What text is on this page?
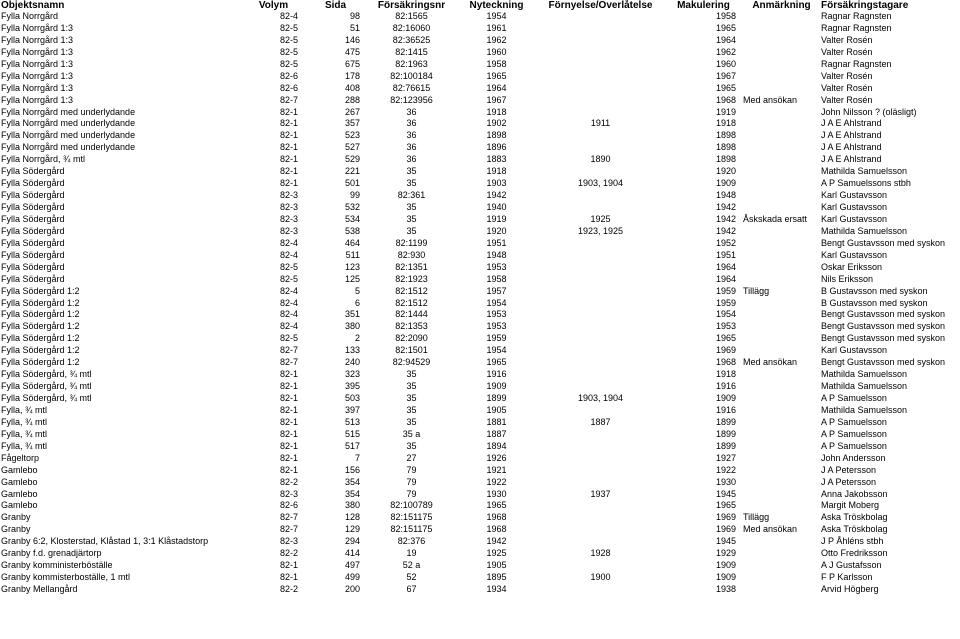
Objektsnamn	Volym	Sida	Försäkringsnr	Nyteckning	Förnyelse/Överlåtelse	Makulering	Anmärkning	Försäkringstagare
Fylla Norrgård	82-4	98	82:1565	1954		1958		Ragnar Ragnsten
Fylla Norrgård 1:3	82-5	51	82:16060	1961		1965		Ragnar Ragnsten
Fylla Norrgård 1:3	82-5	146	82:36525	1962		1964		Valter Rosén
Fylla Norrgård 1:3	82-5	475	82:1415	1960		1962		Valter Rosén
Fylla Norrgård 1:3	82-5	675	82:1963	1958		1960		Ragnar Ragnsten
Fylla Norrgård 1:3	82-6	178	82:100184	1965		1967		Valter Rosén
Fylla Norrgård 1:3	82-6	408	82:76615	1964		1965		Valter Rosén
Fylla Norrgård 1:3	82-7	288	82:123956	1967		1968	Med ansökan	Valter Rosén
Fylla Norrgård med underlydande	82-1	267	36	1918		1919		John Nilsson ? (oläsligt)
Fylla Norrgård med underlydande	82-1	357	36	1902	1911	1918		J A E Ahlstrand
Fylla Norrgård med underlydande	82-1	523	36	1898		1898		J A E Ahlstrand
Fylla Norrgård med underlydande	82-1	527	36	1896		1898		J A E Ahlstrand
Fylla Norrgård, ¾ mtl	82-1	529	36	1883	1890	1898		J A E Ahlstrand
Fylla Södergård	82-1	221	35	1918		1920		Mathilda Samuelsson
Fylla Södergård	82-1	501	35	1903	1903, 1904	1909		A P Samuelssons stbh
Fylla Södergård	82-3	99	82:361	1942		1948		Karl Gustavsson
Fylla Södergård	82-3	532	35	1940		1942		Karl Gustavsson
Fylla Södergård	82-3	534	35	1919	1925	1942	Åskskada ersatt	Karl Gustavsson
Fylla Södergård	82-3	538	35	1920	1923, 1925	1942		Mathilda Samuelsson
Fylla Södergård	82-4	464	82:1199	1951		1952		Bengt Gustavsson med syskon
Fylla Södergård	82-4	511	82:930	1948		1951		Karl Gustavsson
Fylla Södergård	82-5	123	82:1351	1953		1964		Oskar Eriksson
Fylla Södergård	82-5	125	82:1923	1958		1964		Nils Eriksson
Fylla Södergård 1:2	82-4	5	82:1512	1957		1959	Tillägg	B Gustavsson med syskon
Fylla Södergård 1:2	82-4	6	82:1512	1954		1959		B Gustavsson med syskon
Fylla Södergård 1:2	82-4	351	82:1444	1953		1954		Bengt Gustavsson med syskon
Fylla Södergård 1:2	82-4	380	82:1353	1953		1953		Bengt Gustavsson med syskon
Fylla Södergård 1:2	82-5	2	82:2090	1959		1965		Bengt Gustavsson med syskon
Fylla Södergård 1:2	82-7	133	82:1501	1954		1969		Karl Gustavsson
Fylla Södergård 1:2	82-7	240	82:94529	1965		1968	Med ansökan	Bengt Gustavsson med syskon
Fylla Södergård, ¾ mtl	82-1	323	35	1916		1918		Mathilda Samuelsson
Fylla Södergård, ¾ mtl	82-1	395	35	1909		1916		Mathilda Samuelsson
Fylla Södergård, ¾ mtl	82-1	503	35	1899	1903, 1904	1909		A P Samuelsson
Fylla, ¾ mtl	82-1	397	35	1905		1916		Mathilda Samuelsson
Fylla, ¾ mtl	82-1	513	35	1881	1887	1899		A P Samuelsson
Fylla, ¾ mtl	82-1	515	35 a	1887		1899		A P Samuelsson
Fylla, ¾ mtl	82-1	517	35	1894		1899		A P Samuelsson
Fågeltorp	82-1	7	27	1926		1927		John Andersson
Gamlebo	82-1	156	79	1921		1922		J A Petersson
Gamlebo	82-2	354	79	1922		1930		J A Petersson
Gamlebo	82-3	354	79	1930	1937	1945		Anna Jakobsson
Gamlebo	82-6	380	82:100789	1965		1965		Margit Moberg
Granby	82-7	128	82:151175	1968		1969	Tillägg	Aska Tröskbolag
Granby	82-7	129	82:151175	1968		1969	Med ansökan	Aska Tröskbolag
Granby 6:2, Klosterstad, Klåstad 1, 3:1 Klåstadstorp	82-3	294	82:376	1942		1945		J P Åhléns stbh
Granby f.d. grenadjärtorp	82-2	414	19	1925	1928	1929		Otto Fredriksson
Granby komministerböställe	82-1	497	52 a	1905		1909		A J Gustafsson
Granby kommisterboställe, 1 mtl	82-1	499	52	1895	1900	1909		F P Karlsson
Granby Mellangård	82-2	200	67	1934		1938		Arvid Högberg
